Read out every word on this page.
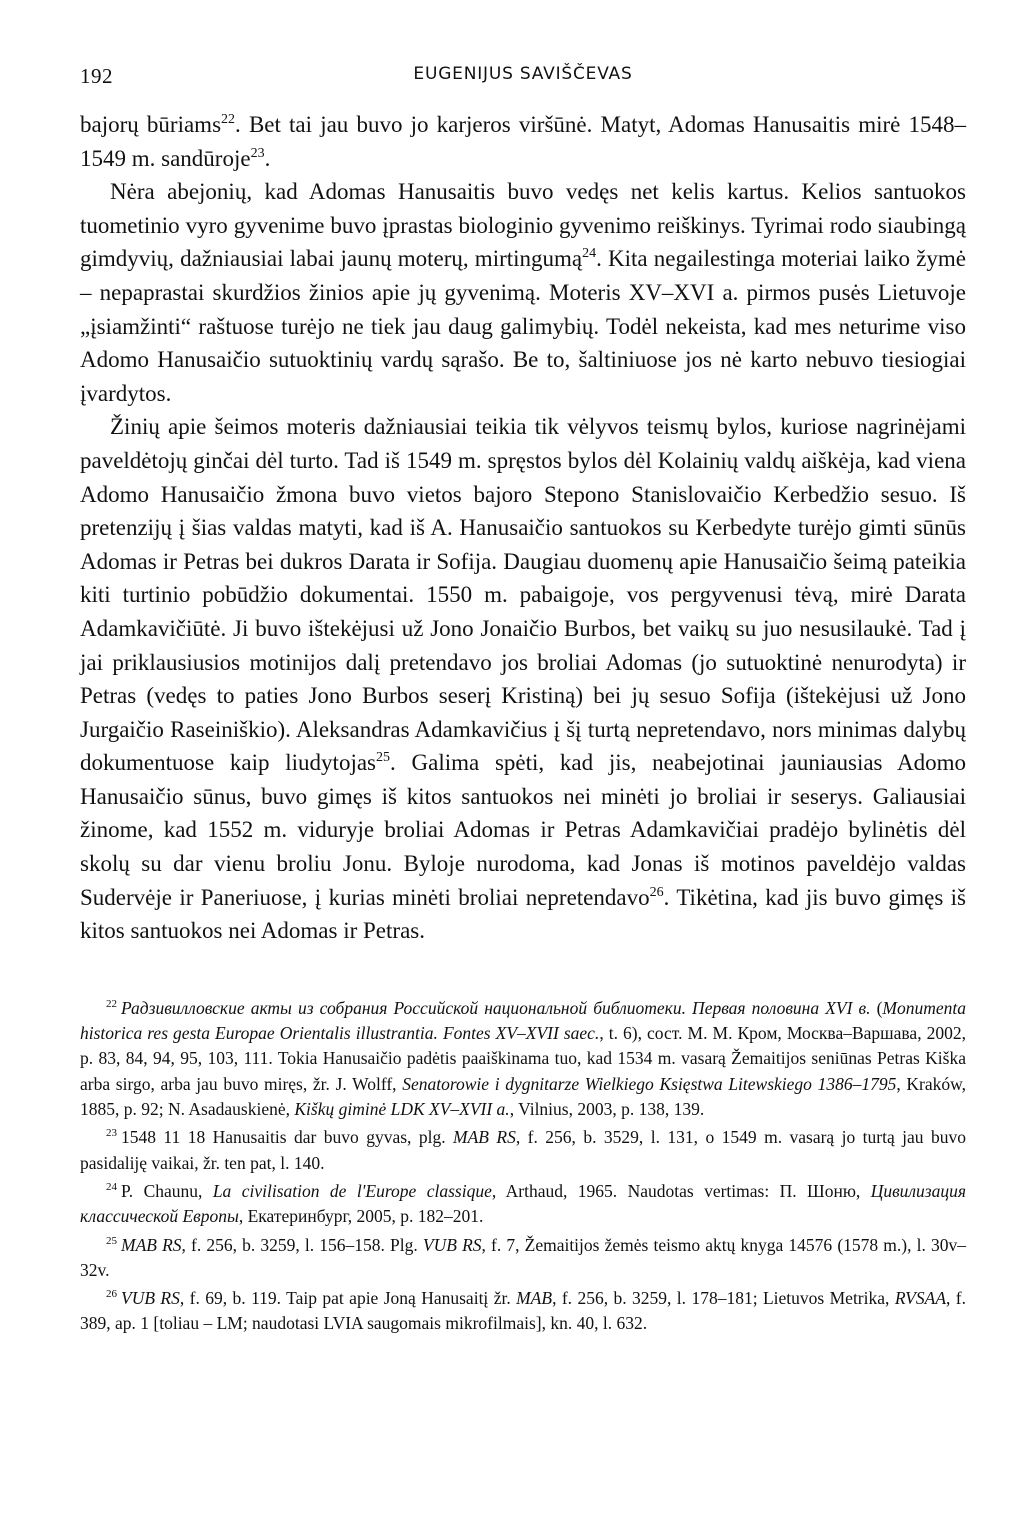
192	EUGENIJUS SAVIŠČEVAS

bajorų būriams$^{22}$. Bet tai jau buvo jo karjeros viršūnė. Matyt, Adomas Hanusaitis mirė 1548–1549 m. sandūroje$^{23}$.

Nėra abejonių, kad Adomas Hanusaitis buvo vedęs net kelis kartus. Kelios santuokos tuometinio vyro gyvenime buvo įprastas biologinio gyvenimo reiškinys. Tyrimai rodo siaubingą gimdyvių, dažniausiai labai jaunų moterų, mirtingumą$^{24}$. Kita negailestinga moteriai laiko žymė – nepaprastai skurdžios žinios apie jų gyvenimą. Moteris XV–XVI a. pirmos pusės Lietuvoje „įsiamžinti“ raštuose turėjo ne tiek jau daug galimybių. Todėl nekeista, kad mes neturime viso Adomo Hanusaičio sutuoktinių vardų sąrašo. Be to, šaltiniuose jos nė karto nebuvo tiesiogiai įvardytos.

Žinių apie šeimos moteris dažniausiai teikia tik vėlyvos teismų bylos, kuriose nagrinėjami paveldėtojų ginčai dėl turto. Tad iš 1549 m. spręstos bylos dėl Kolainių valdų aiškėja, kad viena Adomo Hanusaičio žmona buvo vietos bajoro Stepono Stanislovaičio Kerbedžio sesuo. Iš pretenzijų į šias valdas matyti, kad iš A. Hanusaičio santuokos su Kerbedyte turėjo gimti sūnūs Adomas ir Petras bei dukros Darata ir Sofija. Daugiau duomenų apie Hanusaičio šeimą pateikia kiti turtinio pobūdžio dokumentai. 1550 m. pabaigoje, vos pergyvenusi tėvą, mirė Darata Adamkavičiūtė. Ji buvo ištekėjusi už Jono Jonaičio Burbos, bet vaikų su juo nesusilaukė. Tad į jai priklausiusios motinijos dalį pretendavo jos broliai Adomas (jo sutuoktinė nenurodyta) ir Petras (vedęs to paties Jono Burbos seserį Kristiną) bei jų sesuo Sofija (ištekėjusi už Jono Jurgaičio Raseiniškio). Aleksandras Adamkavičius į šį turtą nepretendavo, nors minimas dalybų dokumentuose kaip liudytojas$^{25}$. Galima spėti, kad jis, neabejotinai jauniausias Adomo Hanusaičio sūnus, buvo gimęs iš kitos santuokos nei minėti jo broliai ir seserys. Galiausiai žinome, kad 1552 m. viduryje broliai Adomas ir Petras Adamkavičiai pradėjo bylinėtis dėl skolų su dar vienu broliu Jonu. Byloje nurodoma, kad Jonas iš motinos paveldėjo valdas Sudervėje ir Paneriuose, į kurias minėti broliai nepretendavo$^{26}$. Tikėtina, kad jis buvo gimęs iš kitos santuokos nei Adomas ir Petras.

$^{22}$ Радзивилловские акты из собрания Российской национальной библиотеки. Первая половина XVI в. (Monumenta historica res gesta Europae Orientalis illustrantia. Fontes XV–XVII saec., t. 6), сост. М. М. Кром, Москва–Варшава, 2002, p. 83, 84, 94, 95, 103, 111. Tokia Hanusaičio padėtis paaiškinama tuo, kad 1534 m. vasarą Žemaitijos seniūnas Petras Kiška arba sirgo, arba jau buvo miręs, žr. J. Wolff, Senatorowie i dygnitarze Wielkiego Księstwa Litewskiego 1386–1795, Kraków, 1885, p. 92; N. Asadauskienė, Kiškų giminė LDK XV–XVII a., Vilnius, 2003, p. 138, 139.

$^{23}$ 1548 11 18 Hanusaitis dar buvo gyvas, plg. MAB RS, f. 256, b. 3529, l. 131, o 1549 m. vasarą jo turtą jau buvo pasidaliję vaikai, žr. ten pat, l. 140.

$^{24}$ P. Chaunu, La civilisation de l'Europe classique, Arthaud, 1965. Naudotas vertimas: П. Шоню, Цивилизация классической Европы, Екатеринбург, 2005, p. 182–201.

$^{25}$ MAB RS, f. 256, b. 3259, l. 156–158. Plg. VUB RS, f. 7, Žemaitijos žemės teismo aktų knyga 14576 (1578 m.), l. 30v–32v.

$^{26}$ VUB RS, f. 69, b. 119. Taip pat apie Joną Hanusaitį žr. MAB, f. 256, b. 3259, l. 178–181; Lietuvos Metrika, RVSAA, f. 389, ap. 1 [toliau – LM; naudotasi LVIA saugomais mikrofilmais], kn. 40, l. 632.
